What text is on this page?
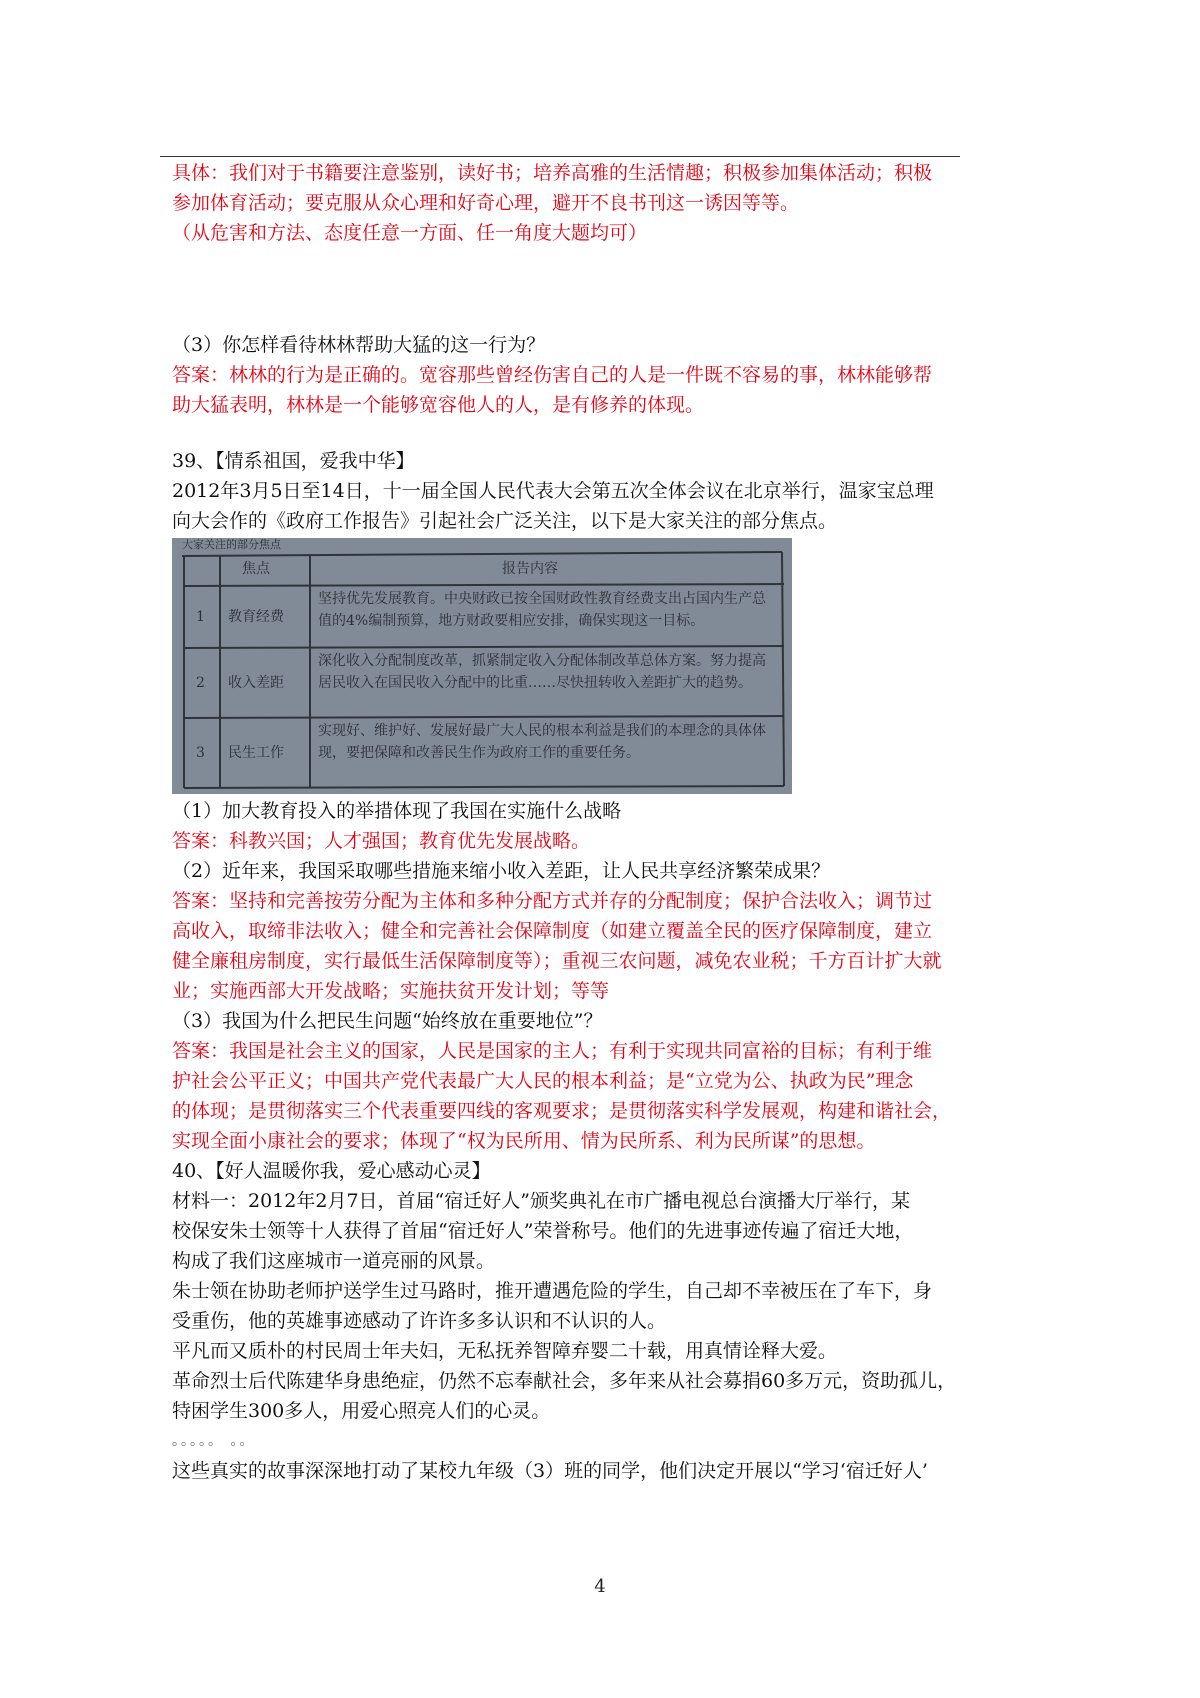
具体：我们对于书籍要注意鉴别，读好书；培养高雅的生活情趣；积极参加集体活动；积极
参加体育活动；要克服从众心理和好奇心理，避开不良书刊这一诱因等等。
（从危害和方法、态度任意一方面、任一角度大题均可）
（3）你怎样看待林林帮助大猛的这一行为？
答案：林林的行为是正确的。宽容那些曾经伤害自己的人是一件既不容易的事，林林能够帮
助大猛表明，林林是一个能够宽容他人的人，是有修养的体现。
39、【情系祖国，爱我中华】
2012年3月5日至14日，十一届全国人民代表大会第五次全体会议在北京举行，温家宝总理
向大会作的《政府工作报告》引起社会广泛关注，以下是大家关注的部分焦点。
大家关注的部分焦点
焦点	报告内容
1 教育经费
坚持优先发展教育。中央财政已按全国财政性教育经费支出占国内生产总值的4%编制预算，地方财政要相应安排，确保实现这一目标。
2 收入差距
深化收入分配制度改革，抓紧制定收入分配体制改革总体方案。努力提高居民收入在国民收入分配中的比重……尽快扭转收入差距扩大的趋势。
3 民生工作
实现好、维护好、发展好最广大人民的根本利益是我们的本理念的具体体现，要把保障和改善民生作为政府工作的重要任务。
（1）加大教育投入的举措体现了我国在实施什么战略
答案：科教兴国；人才强国；教育优先发展战略。
（2）近年来，我国采取哪些措施来缩小收入差距，让人民共享经济繁荣成果？
答案：坚持和完善按劳分配为主体和多种分配方式并存的分配制度；保护合法收入；调节过
高收入，取缔非法收入；健全和完善社会保障制度（如建立覆盖全民的医疗保障制度，建立
健全廉租房制度，实行最低生活保障制度等）；重视三农问题，减免农业税；千方百计扩大就
业；实施西部大开发战略；实施扶贫开发计划；等等
（3）我国为什么把民生问题“始终放在重要地位”？
答案：我国是社会主义的国家，人民是国家的主人；有利于实现共同富裕的目标；有利于维
护社会公平正义；中国共产党代表最广大人民的根本利益；是“立党为公、执政为民”理念
的体现；是贯彻落实三个代表重要四线的客观要求；是贯彻落实科学发展观，构建和谐社会，
实现全面小康社会的要求；体现了“权为民所用、情为民所系、利为民所谋”的思想。
40、【好人温暖你我，爱心感动心灵】
材料一：2012年2月7日，首届“宿迁好人”颁奖典礼在市广播电视总台演播大厅举行，某
校保安朱士领等十人获得了首届“宿迁好人”荣誉称号。他们的先进事迹传遍了宿迁大地，
构成了我们这座城市一道亮丽的风景。
朱士领在协助老师护送学生过马路时，推开遭遇危险的学生，自己却不幸被压在了车下，身
受重伤，他的英雄事迹感动了许许多多认识和不认识的人。
平凡而又质朴的村民周士年夫妇，无私抚养智障弃婴二十载，用真情诠释大爱。
革命烈士后代陈建华身患绝症，仍然不忘奉献社会，多年来从社会募捐60多万元，资助孤儿，
特困学生300多人，用爱心照亮人们的心灵。
。。。。。 。。
这些真实的故事深深地打动了某校九年级（3）班的同学，他们决定开展以“学习‘宿迁好人’
4
